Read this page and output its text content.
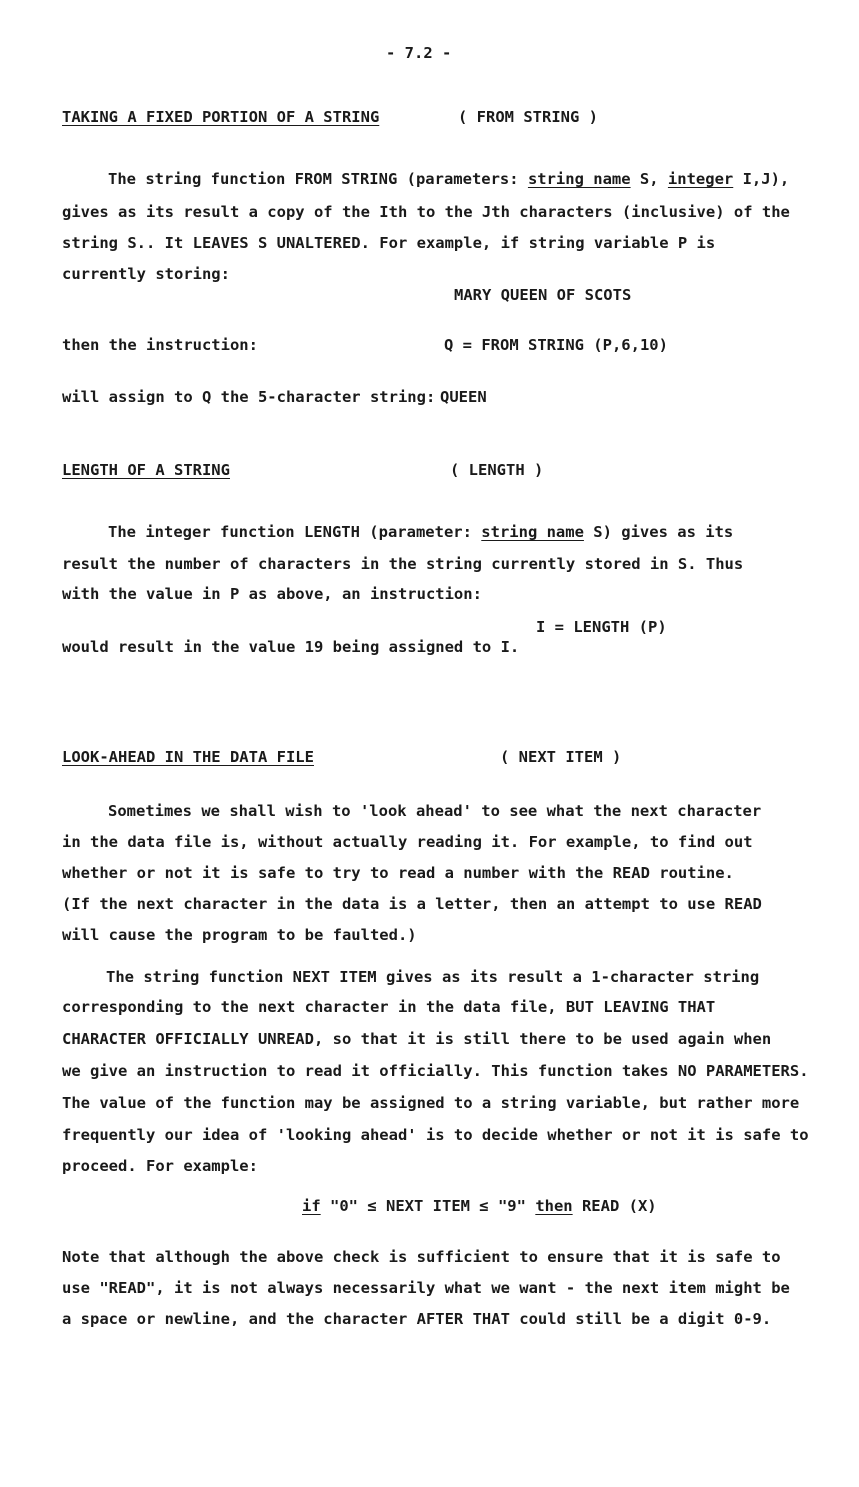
- 7.2 -
TAKING A FIXED PORTION OF A STRING	( FROM STRING )
The string function FROM STRING (parameters: string name S, integer I,J),
gives as its result a copy of the Ith to the Jth characters (inclusive) of the
string S.. It LEAVES S UNALTERED. For example, if string variable P is
currently storing:
MARY QUEEN OF SCOTS
then the instruction:	Q = FROM STRING (P,6,10)
will assign to Q the 5-character string: QUEEN
LENGTH OF A STRING	( LENGTH )
The integer function LENGTH (parameter: string name S) gives as its
result the number of characters in the string currently stored in S. Thus
with the value in P as above, an instruction:
I = LENGTH (P)
would result in the value 19 being assigned to I.
LOOK-AHEAD IN THE DATA FILE	( NEXT ITEM )
Sometimes we shall wish to 'look ahead' to see what the next character
in the data file is, without actually reading it. For example, to find out
whether or not it is safe to try to read a number with the READ routine.
(If the next character in the data is a letter, then an attempt to use READ
will cause the program to be faulted.)
The string function NEXT ITEM gives as its result a 1-character string
corresponding to the next character in the data file, BUT LEAVING THAT
CHARACTER OFFICIALLY UNREAD, so that it is still there to be used again when
we give an instruction to read it officially. This function takes NO PARAMETERS.
The value of the function may be assigned to a string variable, but rather more
frequently our idea of 'looking ahead' is to decide whether or not it is safe to
proceed. For example:
if "0" ≤ NEXT ITEM ≤ "9" then READ (X)
Note that although the above check is sufficient to ensure that it is safe to
use "READ", it is not always necessarily what we want - the next item might be
a space or newline, and the character AFTER THAT could still be a digit 0-9.
